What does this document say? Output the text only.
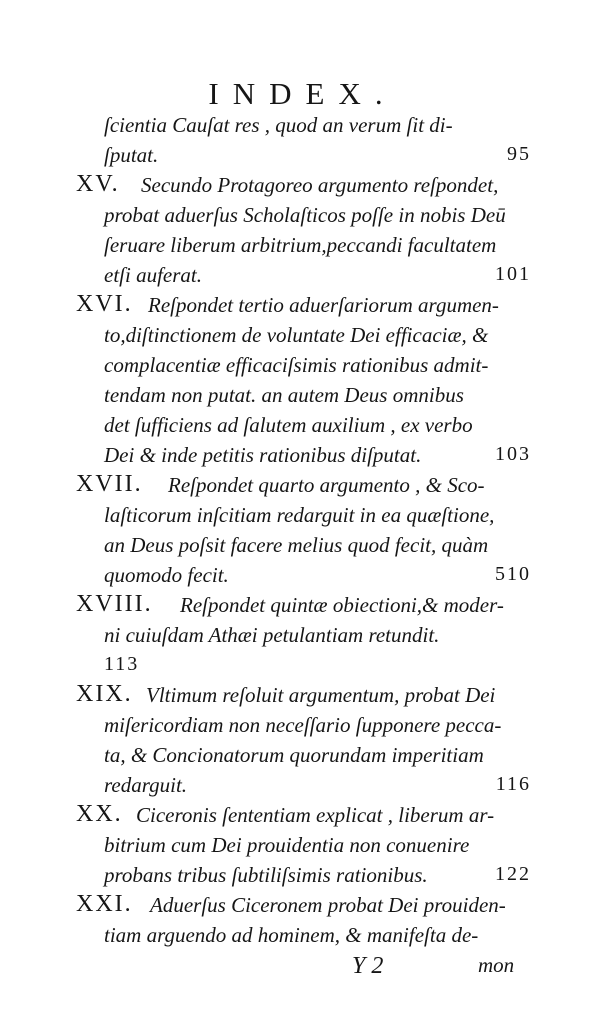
INDEX.
ſcientia Cauſat res , quod an verum ſit di-
ſputat.	95
XV. Secundo Protagoreo argumento reſpondet,
probat aduerſus Scholaſticos poſſe in nobis Deū
ſeruare liberum arbitrium,peccandi facultatem
etſi auferat.	101
XVI. Reſpondet tertio aduerſariorum argumen-
to,diſtinctionem de voluntate Dei efficaciæ, &
complacentiæ efficaciſsimis rationibus admit-
tendam non putat. an autem Deus omnibus
det ſufficiens ad ſalutem auxilium , ex verbo
Dei & inde petitis rationibus diſputat.	103
XVII. Reſpondet quarto argumento , & Sco-
laſticorum inſcitiam redarguit in ea quæſtione,
an Deus poſsit facere melius quod fecit, quàm
quomodo fecit.	510
XVIII. Reſpondet quintæ obiectioni,& moder-
ni cuiuſdam Athæi petulantiam retundit.
113
XIX. Vltimum reſoluit argumentum, probat Dei
miſericordiam non neceſſario ſupponere pecca-
ta, & Concionatorum quorundam imperitiam
redarguit.	116
XX. Ciceronis ſententiam explicat , liberum ar-
bitrium cum Dei prouidentia non conuenire
probans tribus ſubtiliſsimis rationibus.	122
XXI. Aduerſus Ciceronem probat Dei prouiden-
tiam arguendo ad hominem, & manifeſta de-
Y 2	mon
